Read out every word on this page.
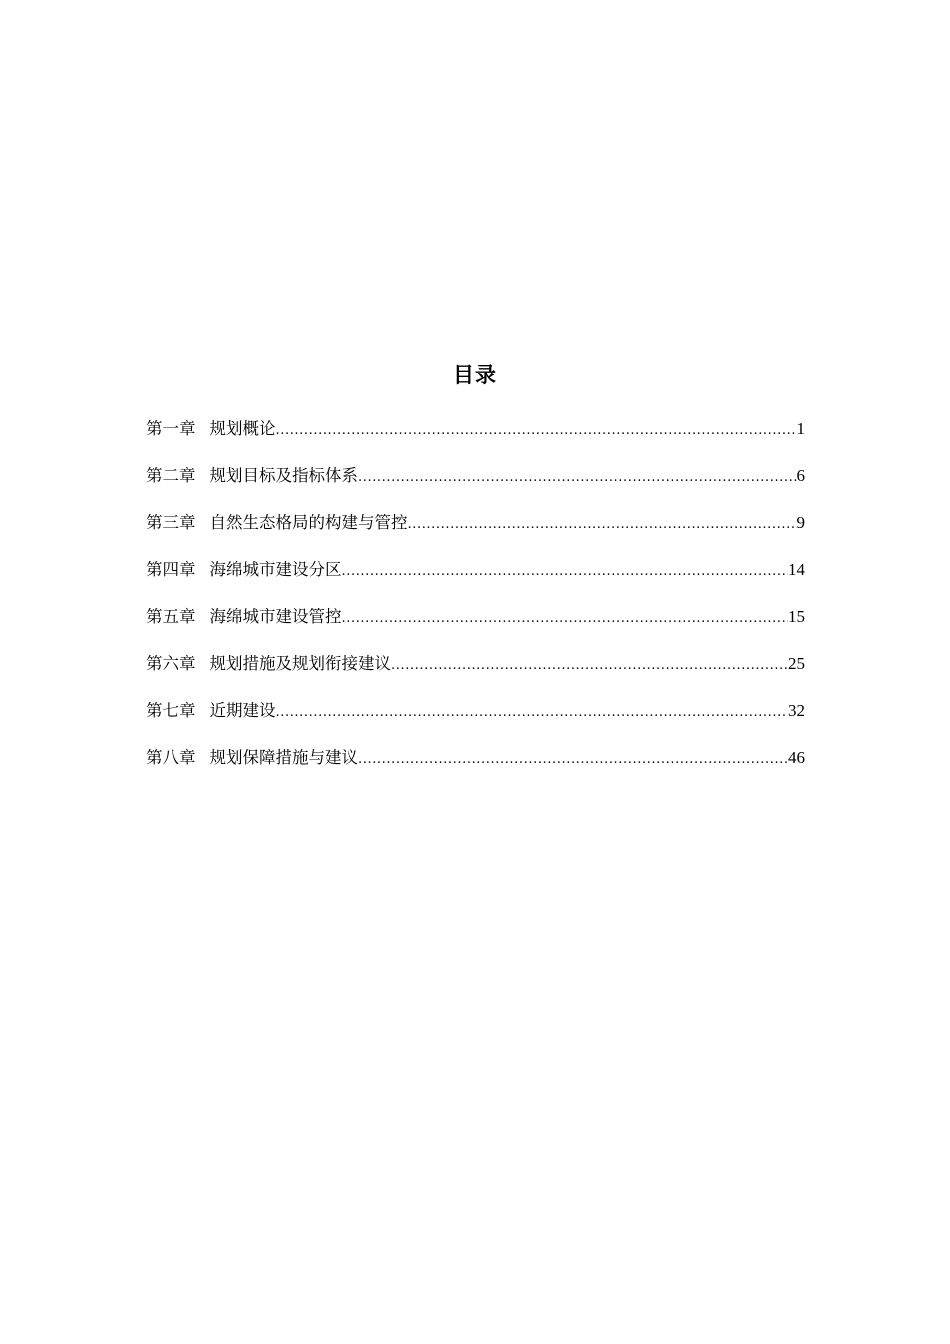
目录
第一章 规划概论 .....	1
第二章 规划目标及指标体系 .....	6
第三章 自然生态格局的构建与管控 .....	9
第四章 海绵城市建设分区 .....	14
第五章 海绵城市建设管控 .....	15
第六章 规划措施及规划衔接建议 .....	25
第七章 近期建设 .....	32
第八章 规划保障措施与建议 .....	46
